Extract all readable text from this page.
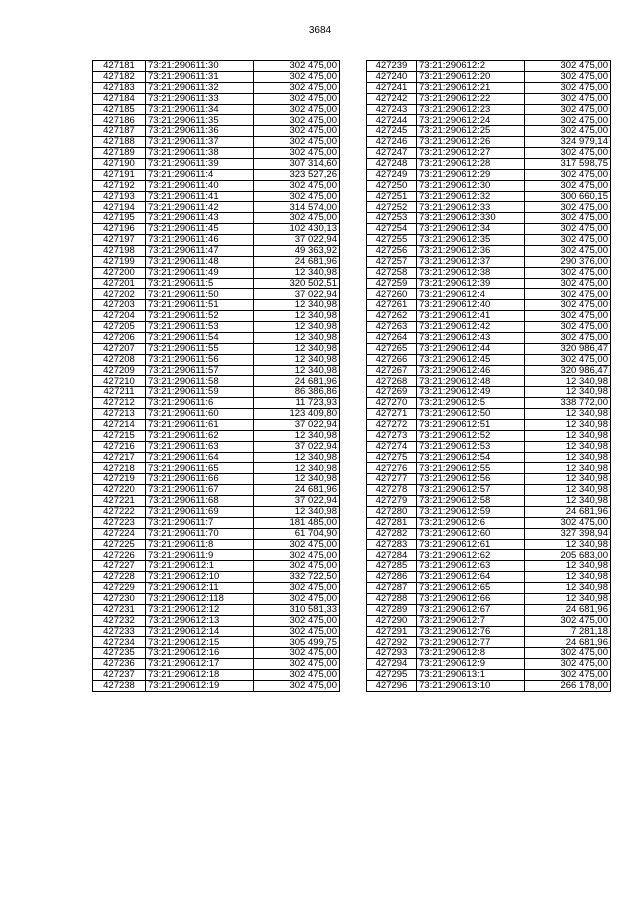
3684
427181	73:21:290611:30	302 475,00
427182	73:21:290611:31	302 475,00
427183	73:21:290611:32	302 475,00
427184	73:21:290611:33	302 475,00
427185	73:21:290611:34	302 475,00
427186	73:21:290611:35	302 475,00
427187	73:21:290611:36	302 475,00
427188	73:21:290611:37	302 475,00
427189	73:21:290611:38	302 475,00
427190	73:21:290611:39	307 314,60
427191	73:21:290611:4	323 527,26
427192	73:21:290611:40	302 475,00
427193	73:21:290611:41	302 475,00
427194	73:21:290611:42	314 574,00
427195	73:21:290611:43	302 475,00
427196	73:21:290611:45	102 430,13
427197	73:21:290611:46	37 022,94
427198	73:21:290611:47	49 363,92
427199	73:21:290611:48	24 681,96
427200	73:21:290611:49	12 340,98
427201	73:21:290611:5	320 502,51
427202	73:21:290611:50	37 022,94
427203	73:21:290611:51	12 340,98
427204	73:21:290611:52	12 340,98
427205	73:21:290611:53	12 340,98
427206	73:21:290611:54	12 340,98
427207	73:21:290611:55	12 340,98
427208	73:21:290611:56	12 340,98
427209	73:21:290611:57	12 340,98
427210	73:21:290611:58	24 681,96
427211	73:21:290611:59	86 386,86
427212	73:21:290611:6	11 723,93
427213	73:21:290611:60	123 409,80
427214	73:21:290611:61	37 022,94
427215	73:21:290611:62	12 340,98
427216	73:21:290611:63	37 022,94
427217	73:21:290611:64	12 340,98
427218	73:21:290611:65	12 340,98
427219	73:21:290611:66	12 340,98
427220	73:21:290611:67	24 681,96
427221	73:21:290611:68	37 022,94
427222	73:21:290611:69	12 340,98
427223	73:21:290611:7	181 485,00
427224	73:21:290611:70	61 704,90
427225	73:21:290611:8	302 475,00
427226	73:21:290611:9	302 475,00
427227	73:21:290612:1	302 475,00
427228	73:21:290612:10	332 722,50
427229	73:21:290612:11	302 475,00
427230	73:21:290612:118	302 475,00
427231	73:21:290612:12	310 581,33
427232	73:21:290612:13	302 475,00
427233	73:21:290612:14	302 475,00
427234	73:21:290612:15	305 499,75
427235	73:21:290612:16	302 475,00
427236	73:21:290612:17	302 475,00
427237	73:21:290612:18	302 475,00
427238	73:21:290612:19	302 475,00
427239	73:21:290612:2	302 475,00
427240	73:21:290612:20	302 475,00
427241	73:21:290612:21	302 475,00
427242	73:21:290612:22	302 475,00
427243	73:21:290612:23	302 475,00
427244	73:21:290612:24	302 475,00
427245	73:21:290612:25	302 475,00
427246	73:21:290612:26	324 979,14
427247	73:21:290612:27	302 475,00
427248	73:21:290612:28	317 598,75
427249	73:21:290612:29	302 475,00
427250	73:21:290612:30	302 475,00
427251	73:21:290612:32	300 660,15
427252	73:21:290612:33	302 475,00
427253	73:21:290612:330	302 475,00
427254	73:21:290612:34	302 475,00
427255	73:21:290612:35	302 475,00
427256	73:21:290612:36	302 475,00
427257	73:21:290612:37	290 376,00
427258	73:21:290612:38	302 475,00
427259	73:21:290612:39	302 475,00
427260	73:21:290612:4	302 475,00
427261	73:21:290612:40	302 475,00
427262	73:21:290612:41	302 475,00
427263	73:21:290612:42	302 475,00
427264	73:21:290612:43	302 475,00
427265	73:21:290612:44	320 986,47
427266	73:21:290612:45	302 475,00
427267	73:21:290612:46	320 986,47
427268	73:21:290612:48	12 340,98
427269	73:21:290612:49	12 340,98
427270	73:21:290612:5	338 772,00
427271	73:21:290612:50	12 340,98
427272	73:21:290612:51	12 340,98
427273	73:21:290612:52	12 340,98
427274	73:21:290612:53	12 340,98
427275	73:21:290612:54	12 340,98
427276	73:21:290612:55	12 340,98
427277	73:21:290612:56	12 340,98
427278	73:21:290612:57	12 340,98
427279	73:21:290612:58	12 340,98
427280	73:21:290612:59	24 681,96
427281	73:21:290612:6	302 475,00
427282	73:21:290612:60	327 398,94
427283	73:21:290612:61	12 340,98
427284	73:21:290612:62	205 683,00
427285	73:21:290612:63	12 340,98
427286	73:21:290612:64	12 340,98
427287	73:21:290612:65	12 340,98
427288	73:21:290612:66	12 340,98
427289	73:21:290612:67	24 681,96
427290	73:21:290612:7	302 475,00
427291	73:21:290612:76	7 281,18
427292	73:21:290612:77	24 681,96
427293	73:21:290612:8	302 475,00
427294	73:21:290612:9	302 475,00
427295	73:21:290613:1	302 475,00
427296	73:21:290613:10	266 178,00
